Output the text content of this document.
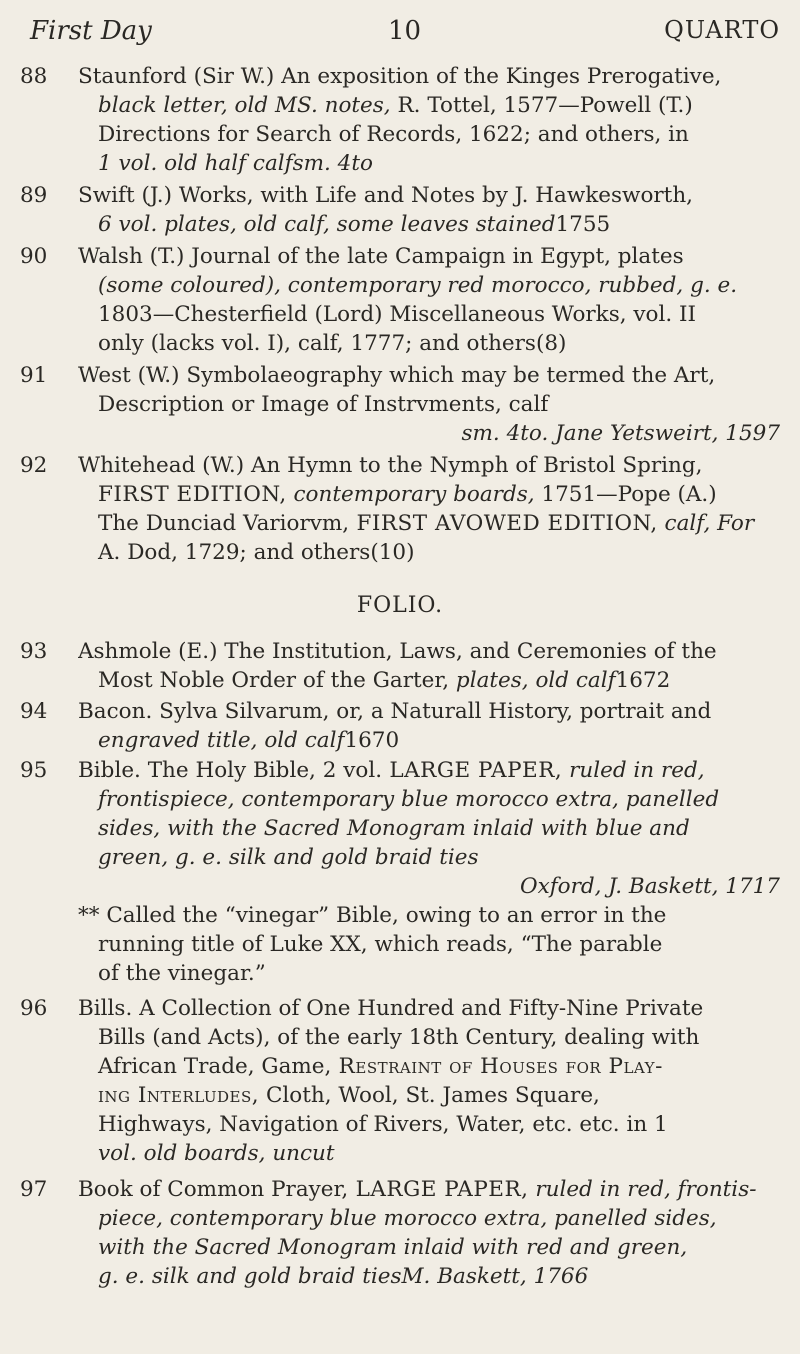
First Day	10	QUARTO
88	Staunford (Sir W.) An exposition of the Kinges Prerogative,
black letter, old MS. notes, R. Tottel, 1577—Powell (T.)
Directions for Search of Records, 1622; and others, in
1 vol. old half calfsm. 4to
89	Swift (J.) Works, with Life and Notes by J. Hawkesworth,
6 vol. plates, old calf, some leaves stained1755
90	Walsh (T.) Journal of the late Campaign in Egypt, plates
(some coloured), contemporary red morocco, rubbed, g. e.
1803—Chesterfield (Lord) Miscellaneous Works, vol. II
only (lacks vol. I), calf, 1777; and others(8)
91	West (W.) Symbolaeography which may be termed the Art,
Description or Image of Instrvments, calf
sm. 4to. Jane Yetsweirt, 1597
92	Whitehead (W.) An Hymn to the Nymph of Bristol Spring,
FIRST EDITION, contemporary boards, 1751—Pope (A.)
The Dunciad Variorvm, FIRST AVOWED EDITION, calf, For
A. Dod, 1729; and others(10)
FOLIO.
93	Ashmole (E.) The Institution, Laws, and Ceremonies of the
Most Noble Order of the Garter, plates, old calf1672
94	Bacon. Sylva Silvarum, or, a Naturall History, portrait and
engraved title, old calf1670
95	Bible. The Holy Bible, 2 vol. LARGE PAPER, ruled in red,
frontispiece, contemporary blue morocco extra, panelled
sides, with the Sacred Monogram inlaid with blue and
green, g. e. silk and gold braid ties
Oxford, J. Baskett, 1717
** Called the “vinegar” Bible, owing to an error in the
running title of Luke XX, which reads, “The parable
of the vinegar.”
96	Bills. A Collection of One Hundred and Fifty-Nine Private
Bills (and Acts), of the early 18th Century, dealing with
African Trade, Game, Restraint of Houses for Play-
ing Interludes, Cloth, Wool, St. James Square,
Highways, Navigation of Rivers, Water, etc. etc. in 1
vol. old boards, uncut
97	Book of Common Prayer, LARGE PAPER, ruled in red, frontis-
piece, contemporary blue morocco extra, panelled sides,
with the Sacred Monogram inlaid with red and green,
g. e. silk and gold braid tiesM. Baskett, 1766
